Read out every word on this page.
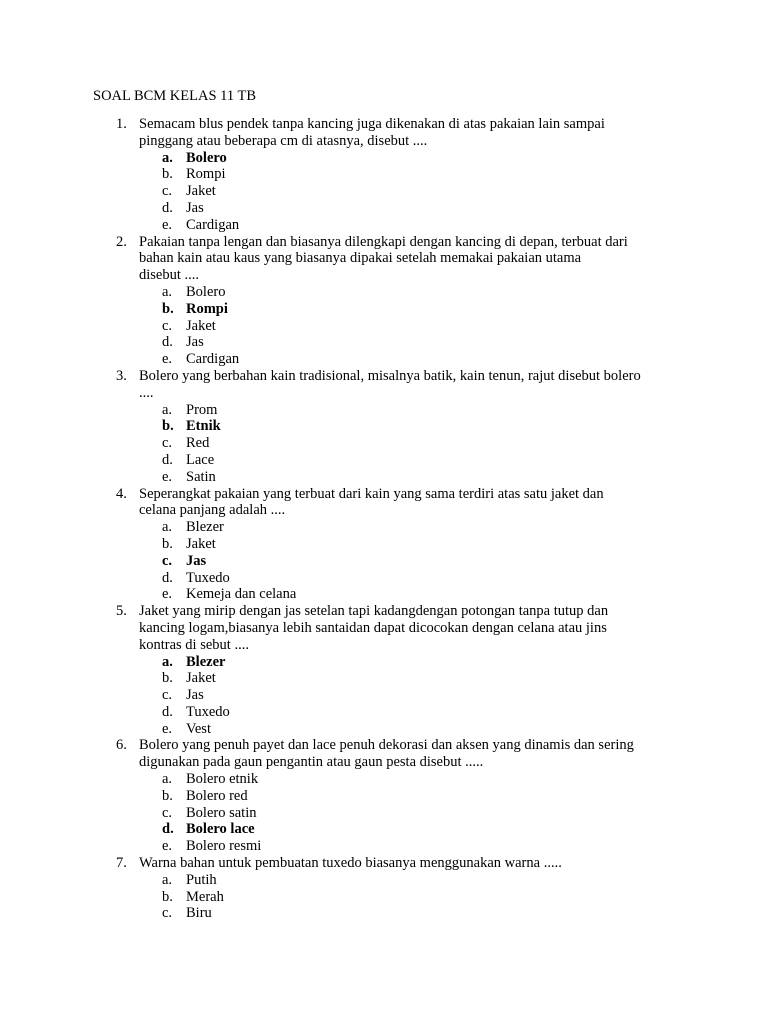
SOAL BCM KELAS 11 TB
1. Semacam blus pendek tanpa kancing juga dikenakan di atas pakaian lain sampai
pinggang atau beberapa cm di atasnya, disebut ....
a. Bolero
b. Rompi
c. Jaket
d. Jas
e. Cardigan
2. Pakaian tanpa lengan dan biasanya dilengkapi dengan kancing di depan, terbuat dari
bahan kain atau kaus yang biasanya dipakai setelah memakai pakaian utama
disebut ....
a. Bolero
b. Rompi
c. Jaket
d. Jas
e. Cardigan
3. Bolero yang berbahan kain tradisional, misalnya batik, kain tenun, rajut disebut bolero
....
a. Prom
b. Etnik
c. Red
d. Lace
e. Satin
4. Seperangkat pakaian yang terbuat dari kain yang sama terdiri atas satu jaket dan
celana panjang adalah ....
a. Blezer
b. Jaket
c. Jas
d. Tuxedo
e. Kemeja dan celana
5. Jaket yang mirip dengan jas setelan tapi kadangdengan potongan tanpa tutup dan
kancing logam,biasanya lebih santaidan dapat dicocokan dengan celana atau jins
kontras di sebut ....
a. Blezer
b. Jaket
c. Jas
d. Tuxedo
e. Vest
6. Bolero yang penuh payet dan lace penuh dekorasi dan aksen yang dinamis dan sering
digunakan pada gaun pengantin atau gaun pesta disebut .....
a. Bolero etnik
b. Bolero red
c. Bolero satin
d. Bolero lace
e. Bolero resmi
7. Warna bahan untuk pembuatan tuxedo biasanya menggunakan warna .....
a. Putih
b. Merah
c. Biru
